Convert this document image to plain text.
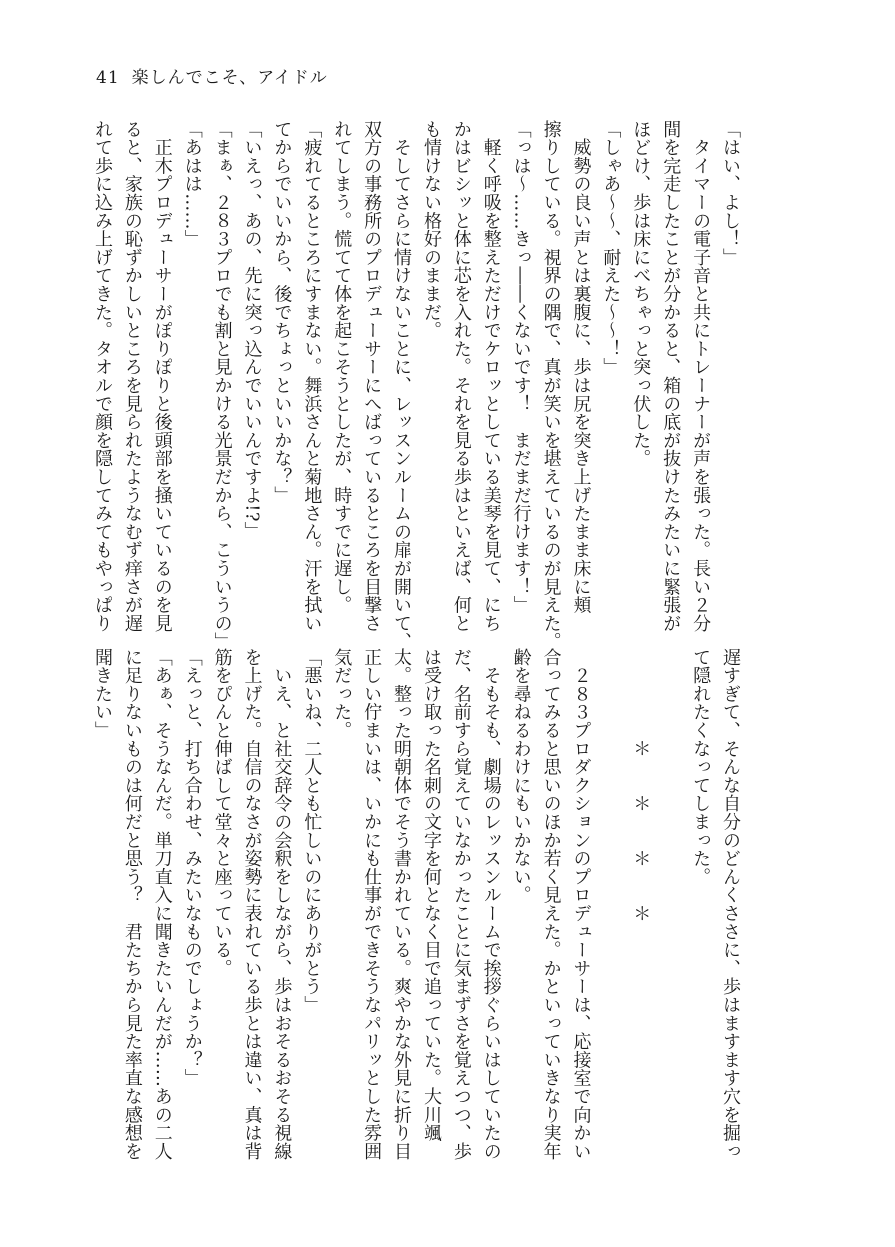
41 楽しんでこそ、アイドル
「はい、よし！」
　タイマーの電子音と共にトレーナーが声を張った。長い２分
間を完走したことが分かると、箱の底が抜けたみたいに緊張が
ほどけ、歩は床にべちゃっと突っ伏した。
「しゃあ〜〜、耐えた〜〜！」
　威勢の良い声とは裏腹に、歩は尻を突き上げたまま床に頬
擦りしている。視界の隅で、真が笑いを堪えているのが見えた。
「っは〜……きっ――くないです！　まだまだ行けます！」
　軽く呼吸を整えただけでケロッとしている美琴を見て、にち
かはビシッと体に芯を入れた。それを見る歩はといえば、何と
も情けない格好のままだ。
　そしてさらに情けないことに、レッスンルームの扉が開いて、
双方の事務所のプロデューサーにへばっているところを目撃さ
れてしまう。慌てて体を起こそうとしたが、時すでに遅し。
「疲れてるところにすまない。舞浜さんと菊地さん。汗を拭い
てからでいいから、後でちょっといいかな？」
「いえっ、あの、先に突っ込んでいいんですよ!?」
「まぁ、２８３プロでも割と見かける光景だから、こういうの」
「あはは……」
　正木プロデューサーがぽりぽりと後頭部を掻いているのを見
ると、家族の恥ずかしいところを見られたようなむず痒さが遅
れて歩に込み上げてきた。タオルで顔を隠してみてもやっぱり
遅すぎて、そんな自分のどんくささに、歩はますます穴を掘っ
て隠れたくなってしまった。

　　　　　＊　　＊　　＊　　＊

　２８３プロダクションのプロデューサーは、応接室で向かい
合ってみると思いのほか若く見えた。かといっていきなり実年
齢を尋ねるわけにもいかない。
　そもそも、劇場のレッスンルームで挨拶ぐらいはしていたの
だ、名前すら覚えていなかったことに気まずさを覚えつつ、歩
は受け取った名刺の文字を何となく目で追っていた。大川颯
太。整った明朝体でそう書かれている。爽やかな外見に折り目
正しい佇まいは、いかにも仕事ができそうなパリッとした雰囲
気だった。
「悪いね、二人とも忙しいのにありがとう」
　いえ、と社交辞令の会釈をしながら、歩はおそるおそる視線
を上げた。自信のなさが姿勢に表れている歩とは違い、真は背
筋をぴんと伸ばして堂々と座っている。
「えっと、打ち合わせ、みたいなものでしょうか？」
「あぁ、そうなんだ。単刀直入に聞きたいんだが……あの二人
に足りないものは何だと思う？　君たちから見た率直な感想を
聞きたい」
